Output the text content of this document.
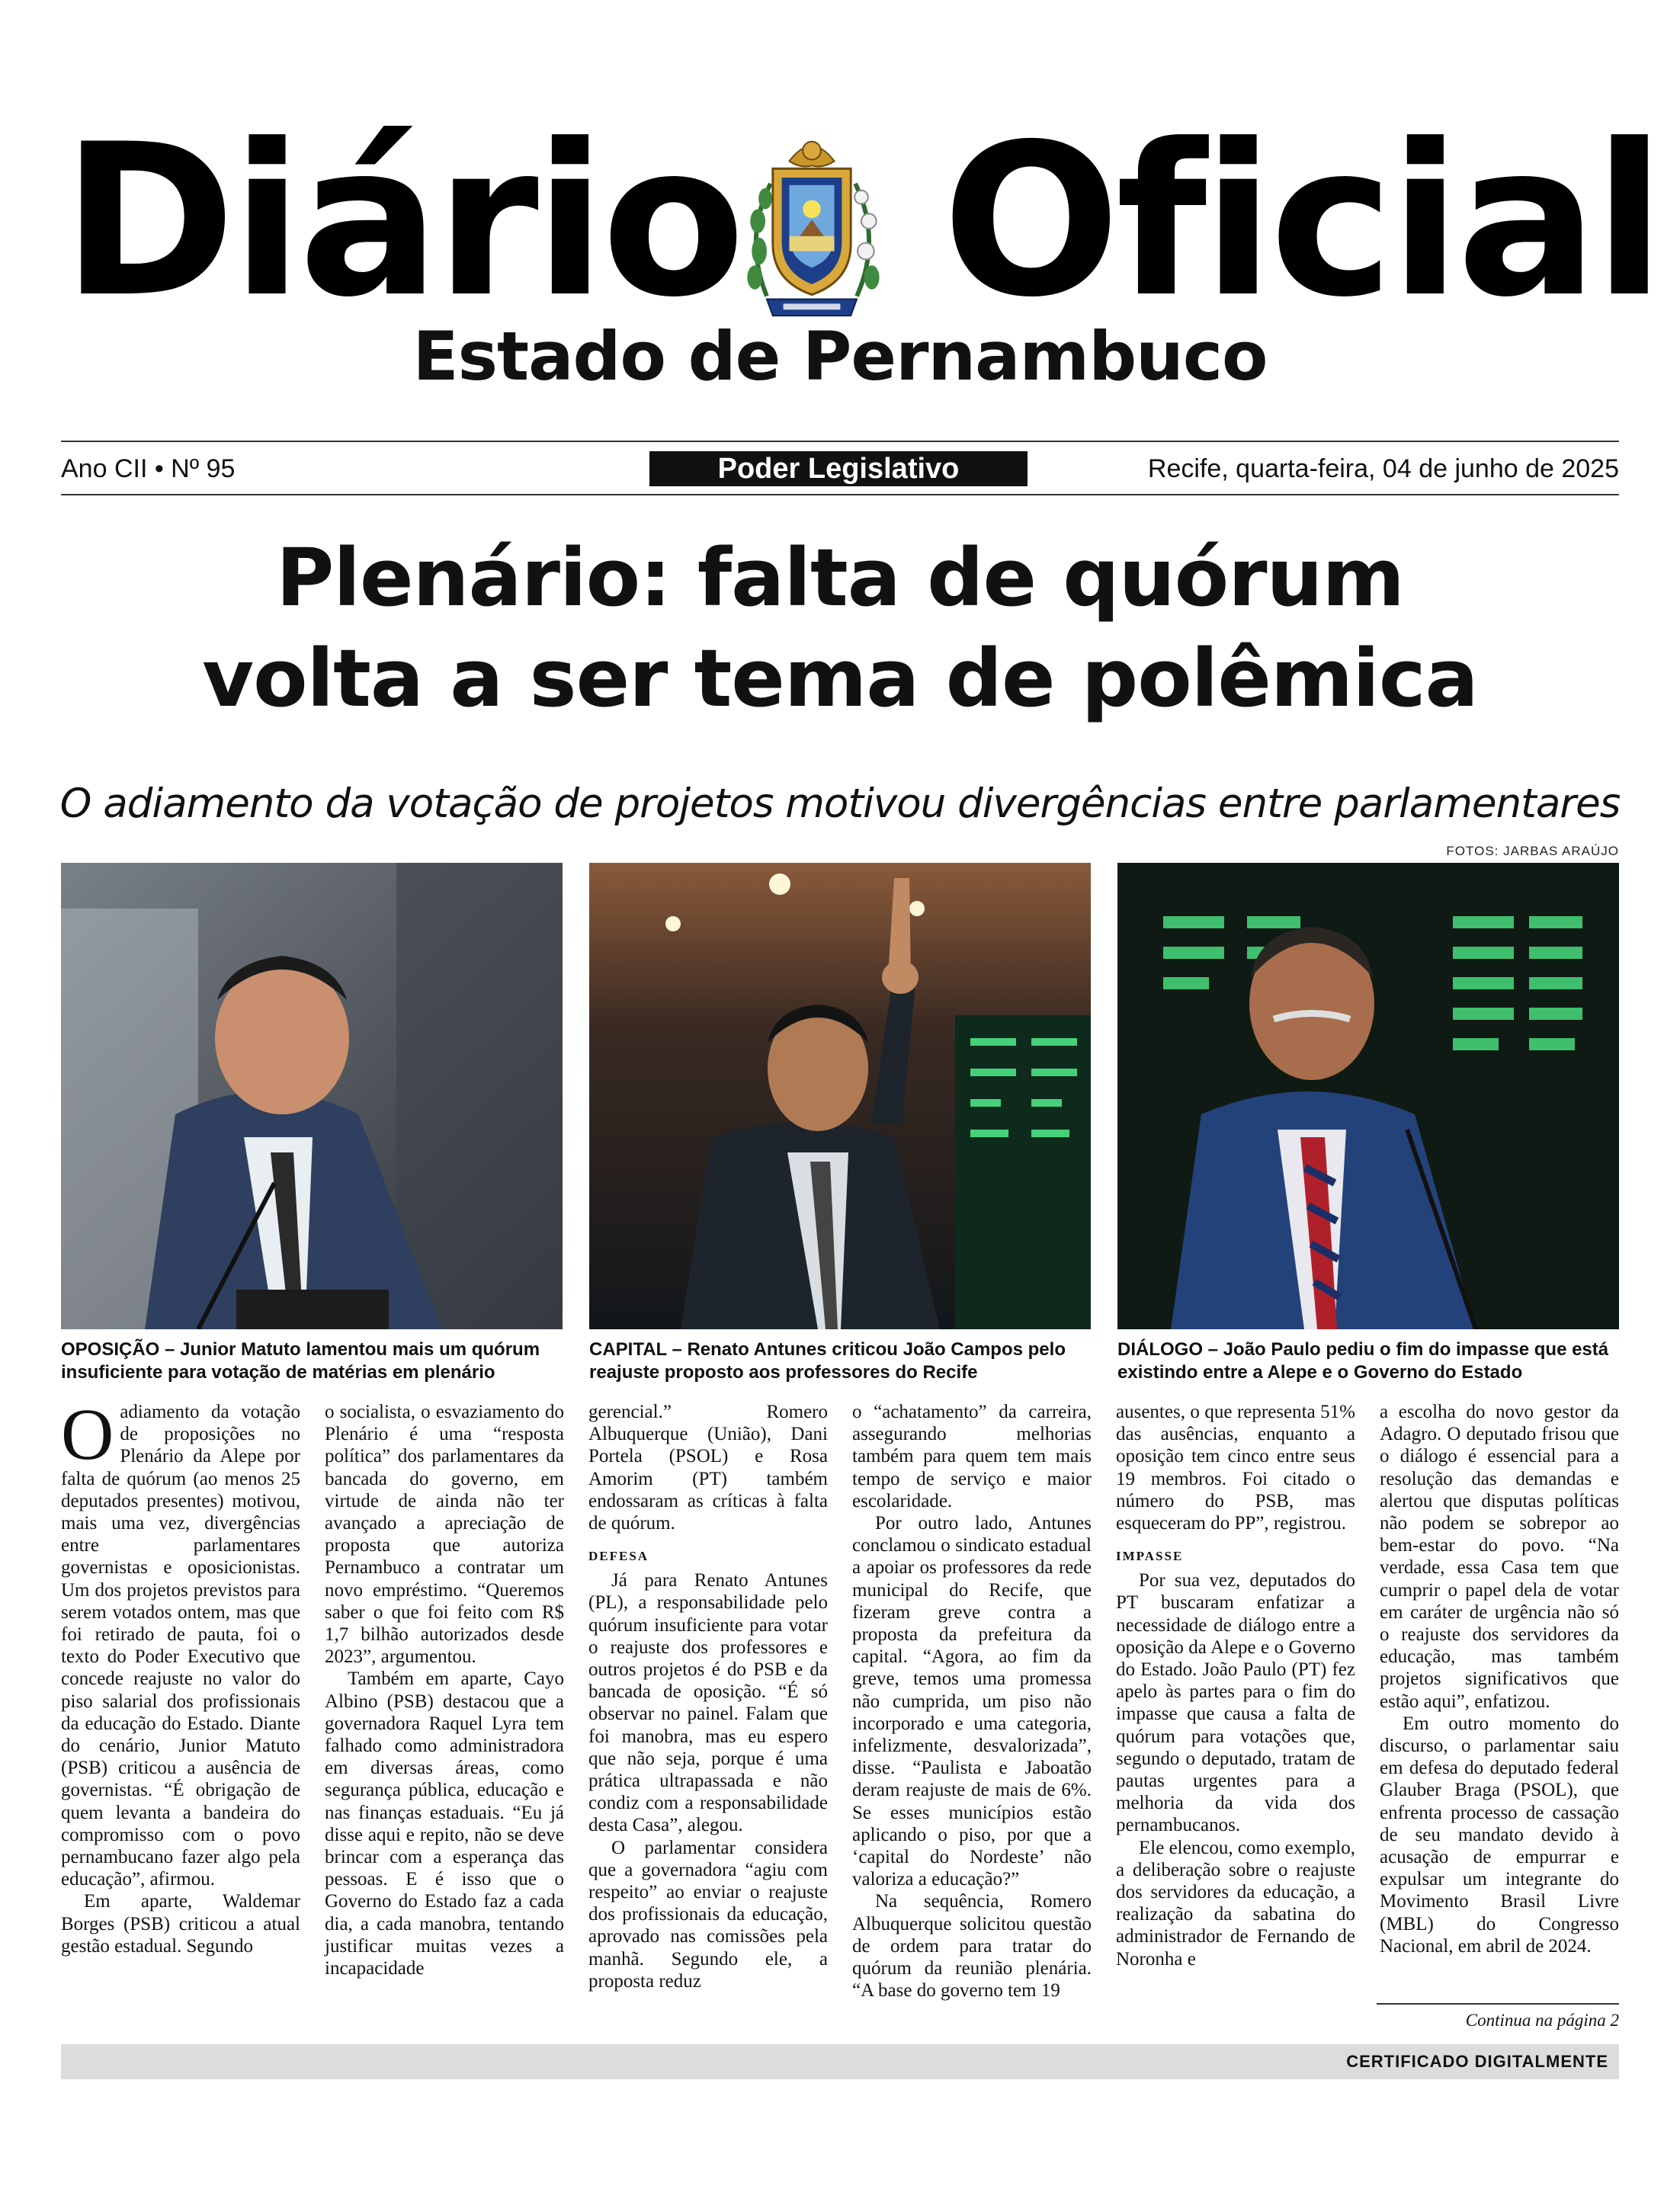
Diário Oficial
Estado de Pernambuco
Ano CII • Nº 95	Poder Legislativo	Recife, quarta-feira, 04 de junho de 2025
Plenário: falta de quórum
volta a ser tema de polêmica
O adiamento da votação de projetos motivou divergências entre parlamentares
FOTOS: JARBAS ARAÚJO
OPOSIÇÃO – Junior Matuto lamentou mais um quórum insuficiente para votação de matérias em plenário
CAPITAL – Renato Antunes criticou João Campos pelo reajuste proposto aos professores do Recife
DIÁLOGO – João Paulo pediu o fim do impasse que está existindo entre a Alepe e o Governo do Estado

Oadiamento da votação de proposições no Plenário da Alepe por falta de quórum (ao menos 25 deputados presentes) motivou, mais uma vez, divergências entre parlamentares governistas e oposicionistas. Um dos projetos previstos para serem votados ontem, mas que foi retirado de pauta, foi o texto do Poder Executivo que concede reajuste no valor do piso salarial dos profissionais da educação do Estado. Diante do cenário, Junior Matuto (PSB) criticou a ausência de governistas. “É obrigação de quem levanta a bandeira do compromisso com o povo pernambucano fazer algo pela educação”, afirmou.

Em aparte, Waldemar Borges (PSB) criticou a atual gestão estadual. Segundo

o socialista, o esvaziamento do Plenário é uma “resposta política” dos parlamentares da bancada do governo, em virtude de ainda não ter avançado a apreciação de proposta que autoriza Pernambuco a contratar um novo empréstimo. “Queremos saber o que foi feito com R$ 1,7 bilhão autorizados desde 2023”, argumentou.

Também em aparte, Cayo Albino (PSB) destacou que a governadora Raquel Lyra tem falhado como administradora em diversas áreas, como segurança pública, educação e nas finanças estaduais. “Eu já disse aqui e repito, não se deve brincar com a esperança das pessoas. E é isso que o Governo do Estado faz a cada dia, a cada manobra, tentando justificar muitas vezes a incapacidade

gerencial.” Romero Albuquerque (União), Dani Portela (PSOL) e Rosa Amorim (PT) também endossaram as críticas à falta de quórum.

DEFESA

Já para Renato Antunes (PL), a responsabilidade pelo quórum insuficiente para votar o reajuste dos professores e outros projetos é do PSB e da bancada de oposição. “É só observar no painel. Falam que foi manobra, mas eu espero que não seja, porque é uma prática ultrapassada e não condiz com a responsabilidade desta Casa”, alegou.

O parlamentar considera que a governadora “agiu com respeito” ao enviar o reajuste dos profissionais da educação, aprovado nas comissões pela manhã. Segundo ele, a proposta reduz

o “achatamento” da carreira, assegurando melhorias também para quem tem mais tempo de serviço e maior escolaridade.

Por outro lado, Antunes conclamou o sindicato estadual a apoiar os professores da rede municipal do Recife, que fizeram greve contra a proposta da prefeitura da capital. “Agora, ao fim da greve, temos uma promessa não cumprida, um piso não incorporado e uma categoria, infelizmente, desvalorizada”, disse. “Paulista e Jaboatão deram reajuste de mais de 6%. Se esses municípios estão aplicando o piso, por que a ‘capital do Nordeste’ não valoriza a educação?”

Na sequência, Romero Albuquerque solicitou questão de ordem para tratar do quórum da reunião plenária. “A base do governo tem 19

ausentes, o que representa 51% das ausências, enquanto a oposição tem cinco entre seus 19 membros. Foi citado o número do PSB, mas esqueceram do PP”, registrou.

IMPASSE

Por sua vez, deputados do PT buscaram enfatizar a necessidade de diálogo entre a oposição da Alepe e o Governo do Estado. João Paulo (PT) fez apelo às partes para o fim do impasse que causa a falta de quórum para votações que, segundo o deputado, tratam de pautas urgentes para a melhoria da vida dos pernambucanos.

Ele elencou, como exemplo, a deliberação sobre o reajuste dos servidores da educação, a realização da sabatina do administrador de Fernando de Noronha e

a escolha do novo gestor da Adagro. O deputado frisou que o diálogo é essencial para a resolução das demandas e alertou que disputas políticas não podem se sobrepor ao bem-estar do povo. “Na verdade, essa Casa tem que cumprir o papel dela de votar em caráter de urgência não só o reajuste dos servidores da educação, mas também projetos significativos que estão aqui”, enfatizou.

Em outro momento do discurso, o parlamentar saiu em defesa do deputado federal Glauber Braga (PSOL), que enfrenta processo de cassação de seu mandato devido à acusação de empurrar e expulsar um integrante do Movimento Brasil Livre (MBL) do Congresso Nacional, em abril de 2024.

Continua na página 2
CERTIFICADO DIGITALMENTE
